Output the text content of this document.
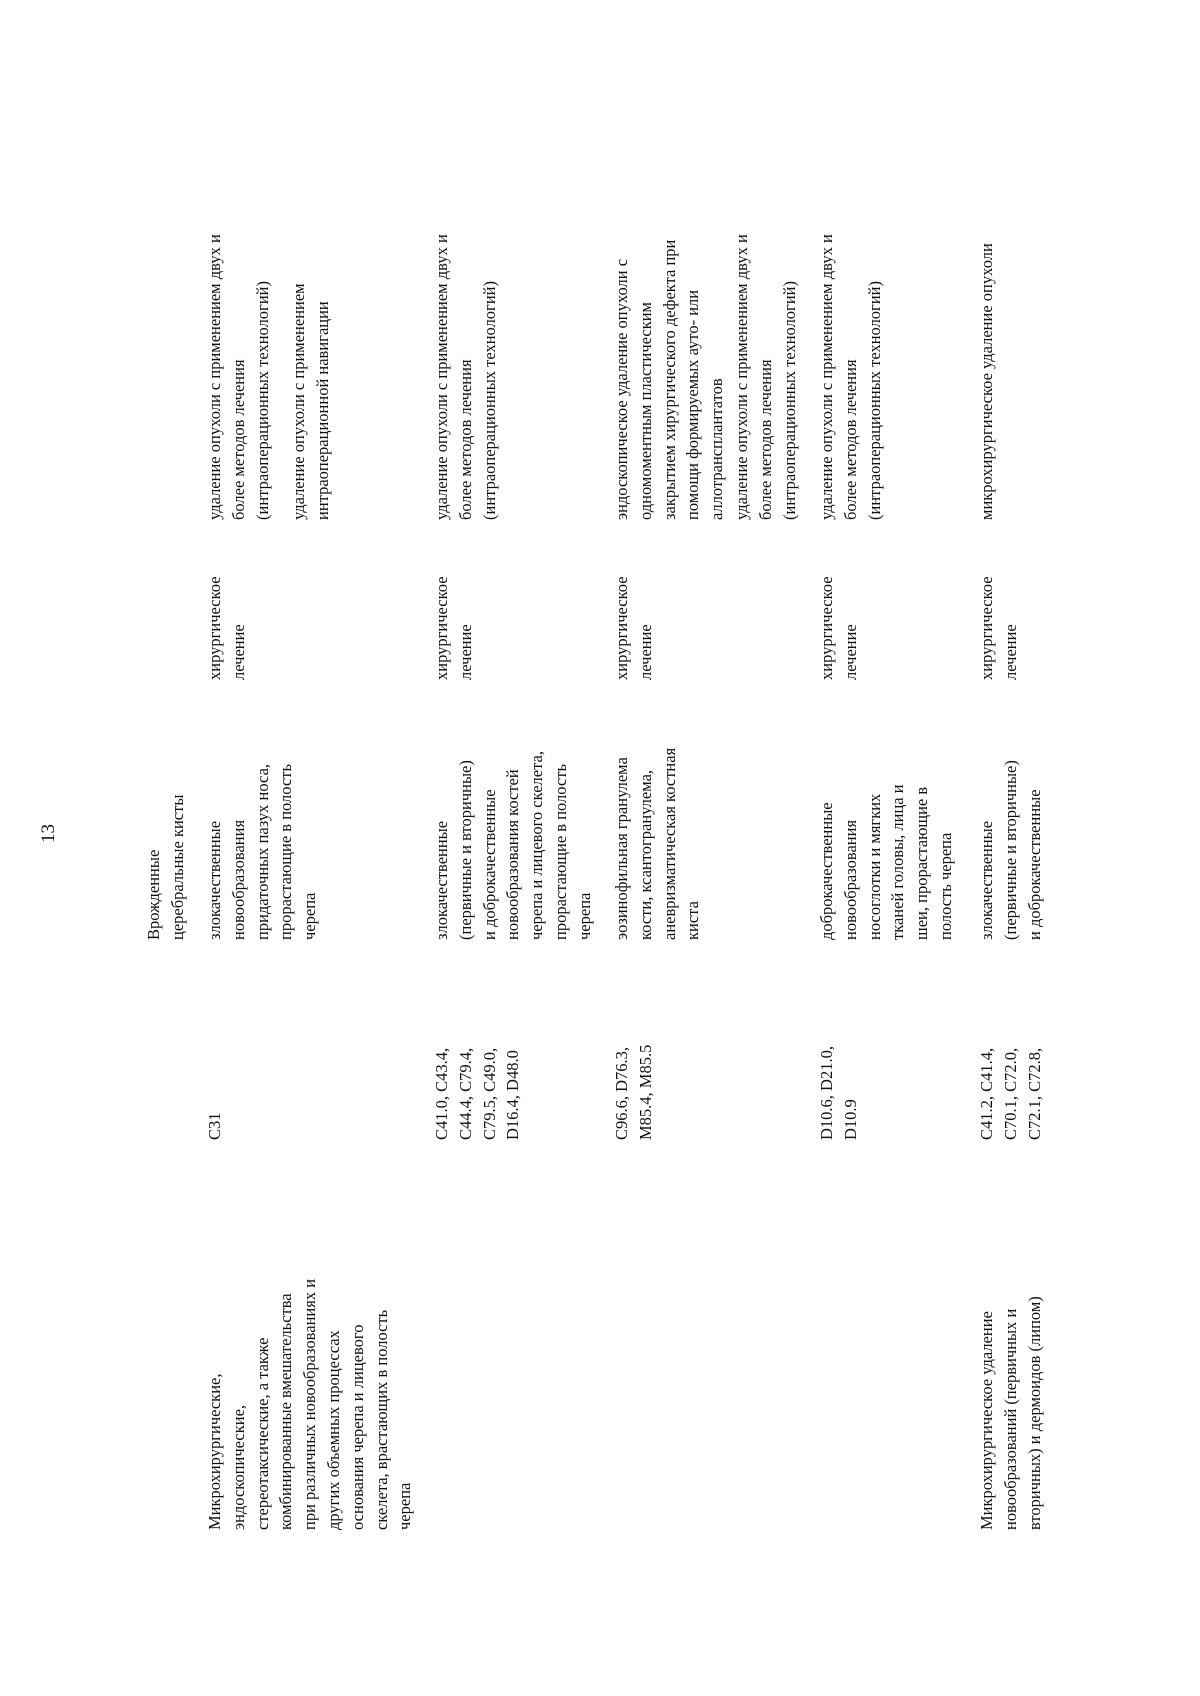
13
Врожденные
церебральные кисты
Микрохирургические,
эндоскопические,
стереотаксические, а также
комбинированные вмешательства
при различных новообразованиях и
других объемных процессах
основания черепа и лицевого
скелета, врастающих в полость
черепа
C31
злокачественные
новообразования
придаточных пазух носа,
прорастающие в полость
черепа
хирургическое
лечение
удаление опухоли с применением двух и
более методов лечения
(интраоперационных технологий)
удаление опухоли с применением
интраоперационной навигации
C41.0, C43.4,
C44.4, C79.4,
C79.5, C49.0,
D16.4, D48.0
злокачественные
(первичные и вторичные)
и доброкачественные
новообразования костей
черепа и лицевого скелета,
прорастающие в полость
черепа
хирургическое
лечение
удаление опухоли с применением двух и
более методов лечения
(интраоперационных технологий)
C96.6, D76.3,
M85.4, M85.5
эозинофильная гранулема
кости, ксантогранулема,
аневризматическая костная
киста
хирургическое
лечение
эндоскопическое удаление опухоли с
одномоментным пластическим
закрытием хирургического дефекта при
помощи формируемых ауто- или
аллотрансплантатов удаление опухоли с применением двух и
более методов лечения
(интраоперационных технологий)
D10.6, D21.0,
D10.9
доброкачественные
новообразования
носоглотки и мягких
тканей головы, лица и
шеи, прорастающие в
полость черепа
хирургическое
лечение
удаление опухоли с применением двух и
более методов лечения
(интраоперационных технологий)
Микрохирургическое удаление
новообразований (первичных и
вторичных) и дермоидов (липом)
C41.2, C41.4,
C70.1, C72.0,
C72.1, C72.8,
злокачественные
(первичные и вторичные)
и доброкачественные
хирургическое
лечение
микрохирургическое удаление опухоли
